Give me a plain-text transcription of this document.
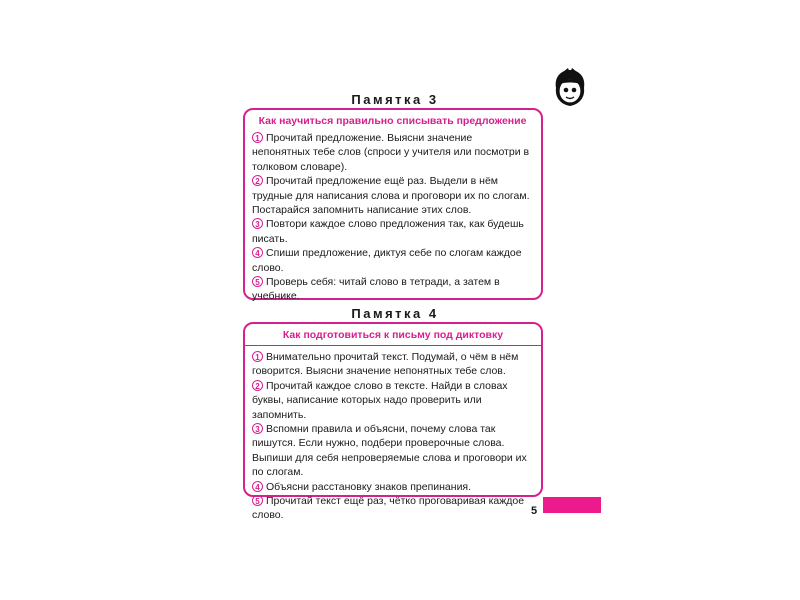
Памятка 3
Как научиться правильно списывать предложение
1 Прочитай предложение. Выясни значение непонятных тебе слов (спроси у учителя или посмотри в толковом словаре).
2 Прочитай предложение ещё раз. Выдели в нём трудные для написания слова и проговори их по слогам. Постарайся запомнить написание этих слов.
3 Повтори каждое слово предложения так, как будешь писать.
4 Спиши предложение, диктуя себе по слогам каждое слово.
5 Проверь себя: читай слово в тетради, а затем в учебнике.
Памятка 4
Как подготовиться к письму под диктовку
1 Внимательно прочитай текст. Подумай, о чём в нём говорится. Выясни значение непонятных тебе слов.
2 Прочитай каждое слово в тексте. Найди в словах буквы, написание которых надо проверить или запомнить.
3 Вспомни правила и объясни, почему слова так пишутся. Если нужно, подбери проверочные слова. Выпиши для себя непроверяемые слова и проговори их по слогам.
4 Объясни расстановку знаков препинания.
5 Прочитай текст ещё раз, чётко проговаривая каждое слово.	5
